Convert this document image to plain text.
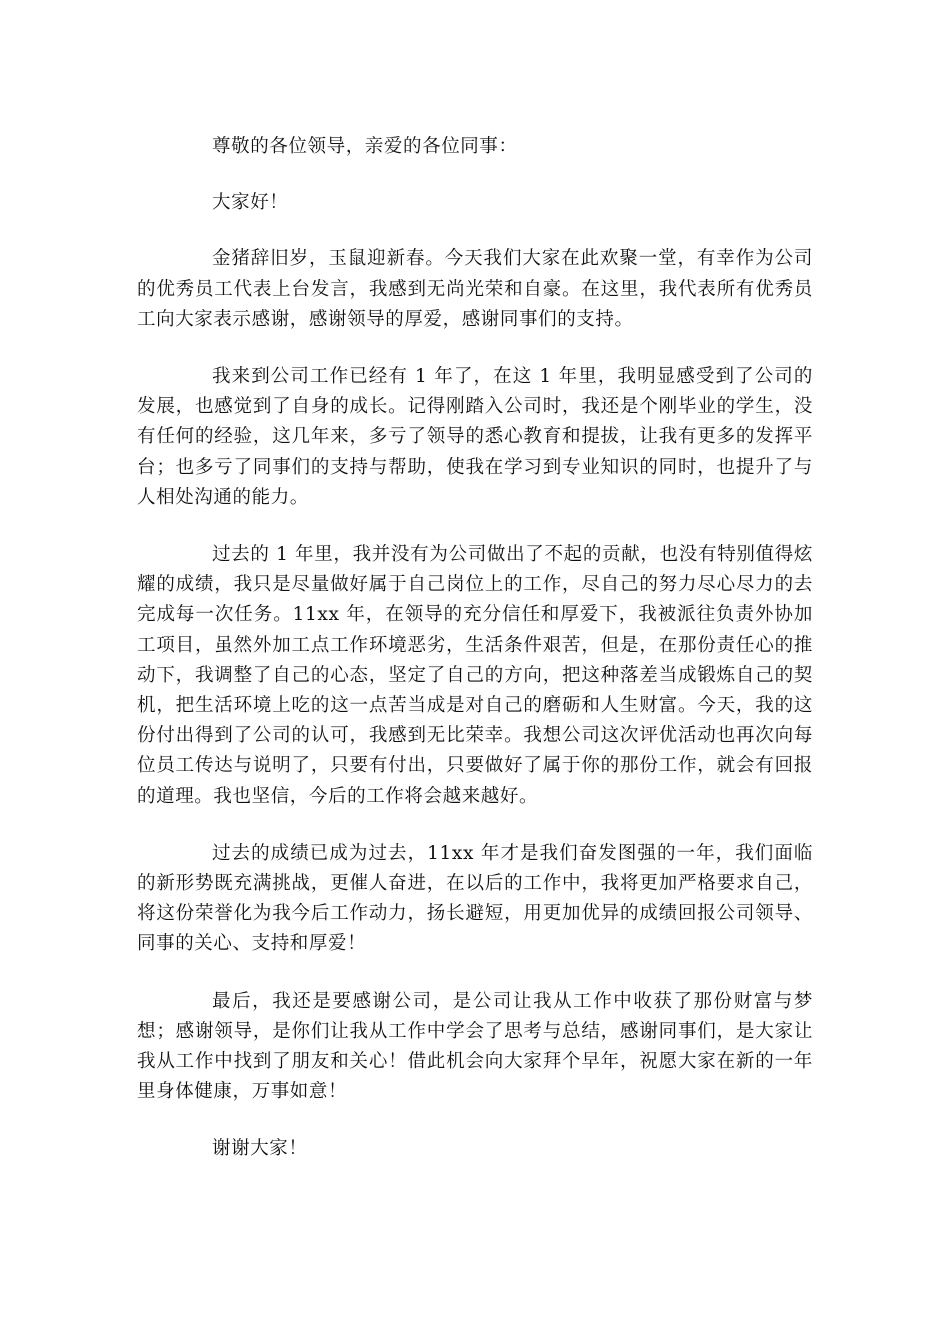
尊敬的各位领导，亲爱的各位同事：

大家好！

金猪辞旧岁，玉鼠迎新春。今天我们大家在此欢聚一堂，有幸作为公司的优秀员工代表上台发言，我感到无尚光荣和自豪。在这里，我代表所有优秀员工向大家表示感谢，感谢领导的厚爱，感谢同事们的支持。

我来到公司工作已经有 1 年了，在这 1 年里，我明显感受到了公司的发展，也感觉到了自身的成长。记得刚踏入公司时，我还是个刚毕业的学生，没有任何的经验，这几年来，多亏了领导的悉心教育和提拔，让我有更多的发挥平台；也多亏了同事们的支持与帮助，使我在学习到专业知识的同时，也提升了与人相处沟通的能力。

过去的 1 年里，我并没有为公司做出了不起的贡献，也没有特别值得炫耀的成绩，我只是尽量做好属于自己岗位上的工作，尽自己的努力尽心尽力的去完成每一次任务。11xx 年，在领导的充分信任和厚爱下，我被派往负责外协加工项目，虽然外加工点工作环境恶劣，生活条件艰苦，但是，在那份责任心的推动下，我调整了自己的心态，坚定了自己的方向，把这种落差当成锻炼自己的契机，把生活环境上吃的这一点苦当成是对自己的磨砺和人生财富。今天，我的这份付出得到了公司的认可，我感到无比荣幸。我想公司这次评优活动也再次向每位员工传达与说明了，只要有付出，只要做好了属于你的那份工作，就会有回报的道理。我也坚信，今后的工作将会越来越好。

过去的成绩已成为过去，11xx 年才是我们奋发图强的一年，我们面临的新形势既充满挑战，更催人奋进，在以后的工作中，我将更加严格要求自己，将这份荣誉化为我今后工作动力，扬长避短，用更加优异的成绩回报公司领导、同事的关心、支持和厚爱！

最后，我还是要感谢公司，是公司让我从工作中收获了那份财富与梦想；感谢领导，是你们让我从工作中学会了思考与总结，感谢同事们，是大家让我从工作中找到了朋友和关心！借此机会向大家拜个早年，祝愿大家在新的一年里身体健康，万事如意！

谢谢大家！
